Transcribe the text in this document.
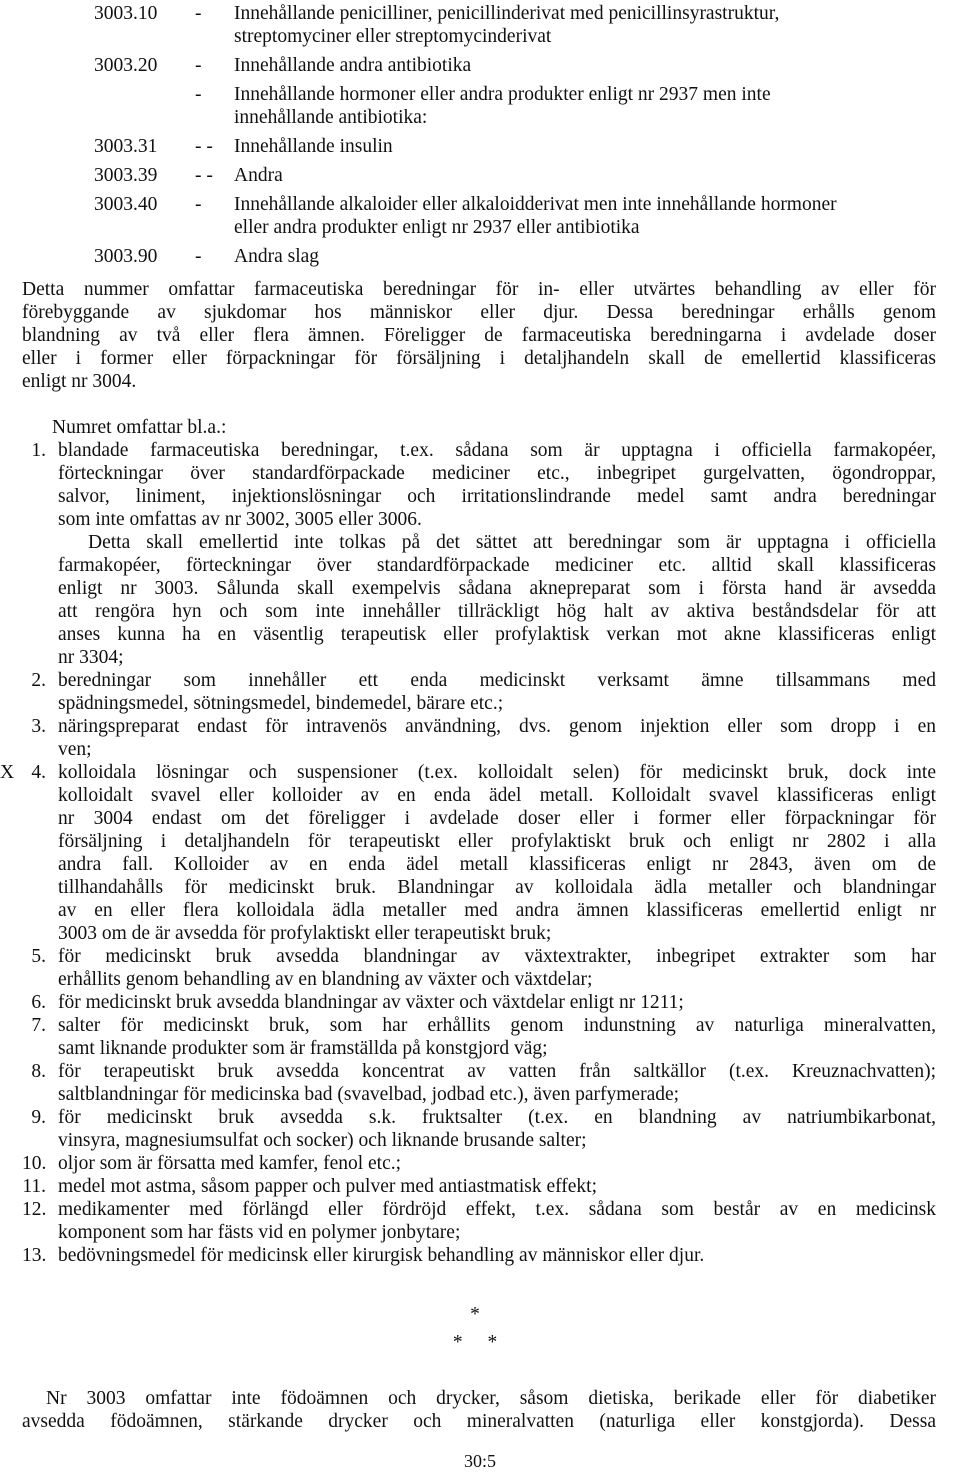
3003.10 - Innehållande penicilliner, penicillinderivat med penicillinsyrastruktur,
streptomyciner eller streptomycinderivat
3003.20 - Innehållande andra antibiotika
- Innehållande hormoner eller andra produkter enligt nr 2937 men inte
innehållande antibiotika:
3003.31 - - Innehållande insulin
3003.39 - - Andra
3003.40 - Innehållande alkaloider eller alkaloidderivat men inte innehållande hormoner
eller andra produkter enligt nr 2937 eller antibiotika
3003.90 - Andra slag
Detta nummer omfattar farmaceutiska beredningar för in- eller utvärtes behandling av eller för
förebyggande av sjukdomar hos människor eller djur. Dessa beredningar erhålls genom
blandning av två eller flera ämnen. Föreligger de farmaceutiska beredningarna i avdelade doser
eller i former eller förpackningar för försäljning i detaljhandeln skall de emellertid klassificeras
enligt nr 3004.
Numret omfattar bl.a.:
1. blandade farmaceutiska beredningar, t.ex. sådana som är upptagna i officiella farmakopéer,
förteckningar över standardförpackade mediciner etc., inbegripet gurgelvatten, ögondroppar,
salvor, liniment, injektionslösningar och irritationslindrande medel samt andra beredningar
som inte omfattas av nr 3002, 3005 eller 3006.
Detta skall emellertid inte tolkas på det sättet att beredningar som är upptagna i officiella
farmakopéer, förteckningar över standardförpackade mediciner etc. alltid skall klassificeras
enligt nr 3003. Sålunda skall exempelvis sådana aknepreparat som i första hand är avsedda
att rengöra hyn och som inte innehåller tillräckligt hög halt av aktiva beståndsdelar för att
anses kunna ha en väsentlig terapeutisk eller profylaktisk verkan mot akne klassificeras enligt
nr 3304;
2. beredningar som innehåller ett enda medicinskt verksamt ämne tillsammans med
spädningsmedel, sötningsmedel, bindemedel, bärare etc.;
3. näringspreparat endast för intravenös användning, dvs. genom injektion eller som dropp i en
ven;
4.
X kolloidala lösningar och suspensioner (t.ex. kolloidalt selen) för medicinskt bruk, dock inte
kolloidalt svavel eller kolloider av en enda ädel metall. Kolloidalt svavel klassificeras enligt
nr 3004 endast om det föreligger i avdelade doser eller i former eller förpackningar för
försäljning i detaljhandeln för terapeutiskt eller profylaktiskt bruk och enligt nr 2802 i alla
andra fall. Kolloider av en enda ädel metall klassificeras enligt nr 2843, även om de
tillhandahålls för medicinskt bruk. Blandningar av kolloidala ädla metaller och blandningar
av en eller flera kolloidala ädla metaller med andra ämnen klassificeras emellertid enligt nr
3003 om de är avsedda för profylaktiskt eller terapeutiskt bruk;
5. för medicinskt bruk avsedda blandningar av växtextrakter, inbegripet extrakter som har
erhållits genom behandling av en blandning av växter och växtdelar;
6. för medicinskt bruk avsedda blandningar av växter och växtdelar enligt nr 1211;
7. salter för medicinskt bruk, som har erhållits genom indunstning av naturliga mineralvatten,
samt liknande produkter som är framställda på konstgjord väg;
8. för terapeutiskt bruk avsedda koncentrat av vatten från saltkällor (t.ex. Kreuznachvatten);
saltblandningar för medicinska bad (svavelbad, jodbad etc.), även parfymerade;
9. för medicinskt bruk avsedda s.k. fruktsalter (t.ex. en blandning av natriumbikarbonat,
vinsyra, magnesiumsulfat och socker) och liknande brusande salter;
10. oljor som är försatta med kamfer, fenol etc.;
11. medel mot astma, såsom papper och pulver med antiastmatisk effekt;
12. medikamenter med förlängd eller fördröjd effekt, t.ex. sådana som består av en medicinsk
komponent som har fästs vid en polymer jonbytare;
13. bedövningsmedel för medicinsk eller kirurgisk behandling av människor eller djur.
*
* *
Nr 3003 omfattar inte födoämnen och drycker, såsom dietiska, berikade eller för diabetiker
avsedda födoämnen, stärkande drycker och mineralvatten (naturliga eller konstgjorda). Dessa
30:5
